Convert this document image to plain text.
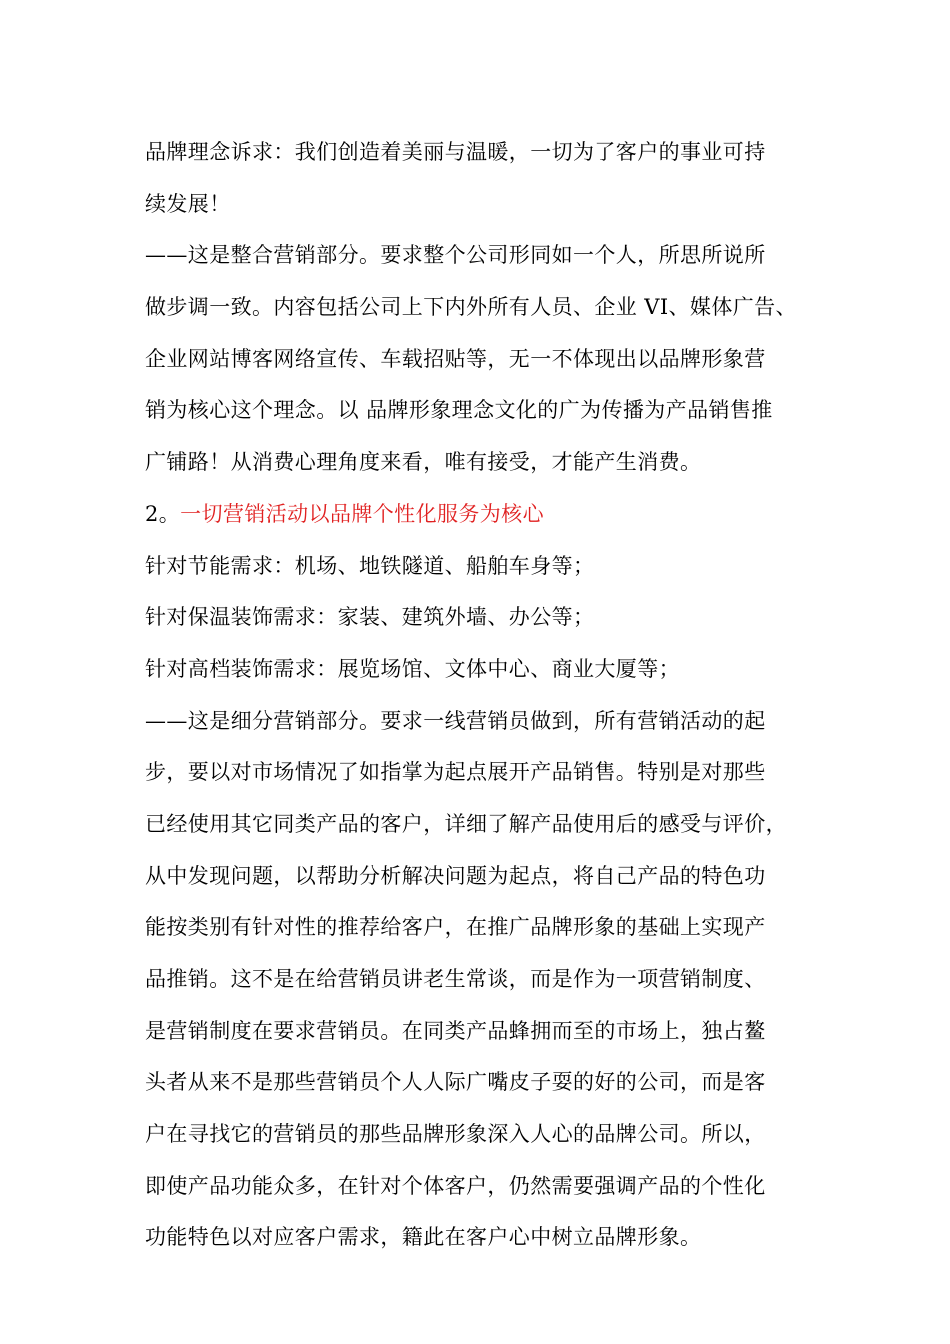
品牌理念诉求：我们创造着美丽与温暖，一切为了客户的事业可持
续发展！
——这是整合营销部分。要求整个公司形同如一个人，所思所说所
做步调一致。内容包括公司上下内外所有人员、企业 VI、媒体广告、
企业网站博客网络宣传、车载招贴等，无一不体现出以品牌形象营
销为核心这个理念。以 品牌形象理念文化的广为传播为产品销售推
广铺路！从消费心理角度来看，唯有接受，才能产生消费。
2。一切营销活动以品牌个性化服务为核心
针对节能需求：机场、地铁隧道、船舶车身等；
针对保温装饰需求：家装、建筑外墙、办公等；
针对高档装饰需求：展览场馆、文体中心、商业大厦等；
——这是细分营销部分。要求一线营销员做到，所有营销活动的起
步，要以对市场情况了如指掌为起点展开产品销售。特别是对那些
已经使用其它同类产品的客户，详细了解产品使用后的感受与评价，
从中发现问题，以帮助分析解决问题为起点，将自己产品的特色功
能按类别有针对性的推荐给客户，在推广品牌形象的基础上实现产
品推销。这不是在给营销员讲老生常谈，而是作为一项营销制度、
是营销制度在要求营销员。在同类产品蜂拥而至的市场上，独占鳌
头者从来不是那些营销员个人人际广嘴皮子耍的好的公司，而是客
户在寻找它的营销员的那些品牌形象深入人心的品牌公司。所以，
即使产品功能众多，在针对个体客户，仍然需要强调产品的个性化
功能特色以对应客户需求，籍此在客户心中树立品牌形象。
